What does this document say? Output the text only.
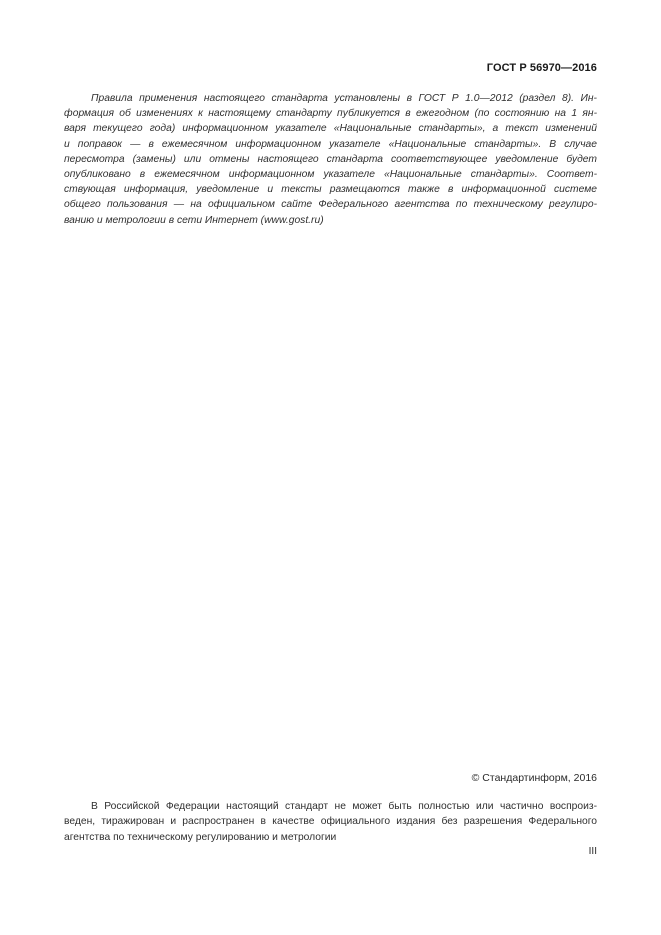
ГОСТ Р 56970—2016
Правила применения настоящего стандарта установлены в ГОСТ Р 1.0—2012 (раздел 8). Ин-
формация об изменениях к настоящему стандарту публикуется в ежегодном (по состоянию на 1 ян-
варя текущего года) информационном указателе «Национальные стандарты», а текст изменений
и поправок — в ежемесячном информационном указателе «Национальные стандарты». В случае
пересмотра (замены) или отмены настоящего стандарта соответствующее уведомление будет
опубликовано в ежемесячном информационном указателе «Национальные стандарты». Соответ-
ствующая информация, уведомление и тексты размещаются также в информационной системе
общего пользования — на официальном сайте Федерального агентства по техническому регулиро-
ванию и метрологии в сети Интернет (www.gost.ru)
© Стандартинформ, 2016
В Российской Федерации настоящий стандарт не может быть полностью или частично воспроиз-
веден, тиражирован и распространен в качестве официального издания без разрешения Федерального
агентства по техническому регулированию и метрологии
III
